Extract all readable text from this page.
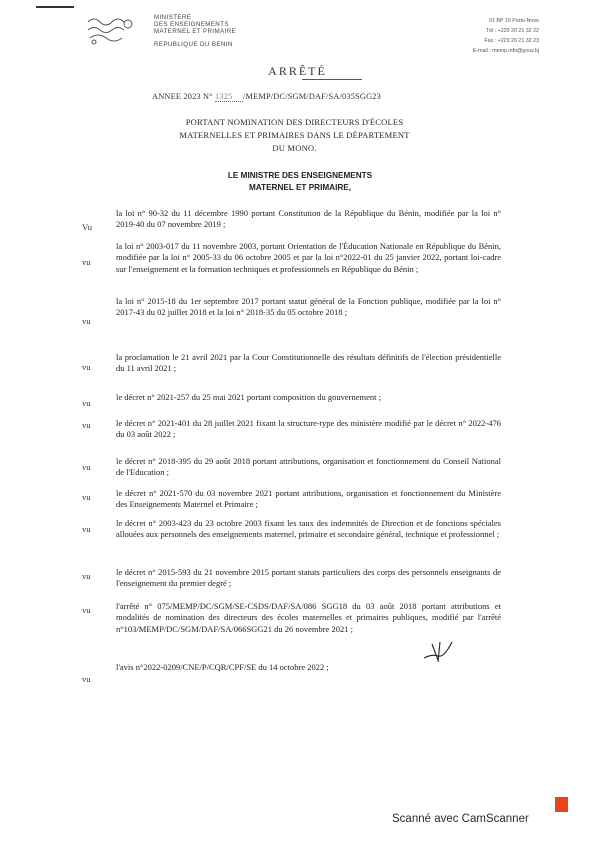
MINISTERE
DES ENSEIGNEMENTS
MATERNEL ET PRIMAIRE
REPUBLIQUE DU BENIN
01 BP 10 Porto-Novo
Tél : +229 20 21 32 22
Fax : +229 20 21 32 23
E-mail : memp.info@gouv.bj
ARRÊTÉ
ANNEE 2023 N° 1325 /MEMP/DC/SGM/DAF/SA/035SGG23
PORTANT NOMINATION DES DIRECTEURS D'ÉCOLES
MATERNELLES ET PRIMAIRES DANS LE DÉPARTEMENT
DU MONO.
LE MINISTRE DES ENSEIGNEMENTS
MATERNEL ET PRIMAIRE,
Vu
la loi n° 90-32 du 11 décembre 1990 portant Constitution de la République du Bénin, modifiée par la loi n° 2019-40 du 07 novembre 2019 ;
vu
la loi n° 2003-017 du 11 novembre 2003, portant Orientation de l'Éducation Nationale en République du Bénin, modifiée par la loi n° 2005-33 du 06 octobre 2005 et par la loi n°2022-01 du 25 janvier 2022, portant loi-cadre sur l'enseignement et la formation techniques et professionnels en République du Bénin ;
vu
la loi n° 2015-18 du 1er septembre 2017 portant statut général de la Fonction publique, modifiée par la loi n° 2017-43 du 02 juillet 2018 et la loi n° 2018-35 du 05 octobre 2018 ;
vu
la proclamation le 21 avril 2021 par la Cour Constitutionnelle des résultats définitifs de l'élection présidentielle du 11 avril 2021 ;
vu
le décret n° 2021-257 du 25 mai 2021 portant composition du gouvernement ;
vu	le décret n° 2021-401 du 28 juillet 2021 fixant la structure-type des ministère modifié par le décret n° 2022-476 du 03 août 2022 ;
vu
le décret n° 2018-395 du 29 août 2018 portant attributions, organisation et fonctionnement du Conseil National de l'Education ;
vu	le décret n° 2021-570 du 03 novembre 2021 portant attributions, organisation et fonctionnement du Ministère des Enseignements Maternel et Primaire ;
vu
le décret n° 2003-423 du 23 octobre 2003 fixant les taux des indemnités de Direction et de fonctions spéciales allouées aux personnels des enseignements maternel, primaire et secondaire général, technique et professionnel ;
vu	le décret n° 2015-593 du 21 novembre 2015 portant statuts particuliers des corps des personnels enseignants de l'enseignement du premier degré ;
vu	l'arrêté n° 075/MEMP/DC/SGM/SE-CSDS/DAF/SA/086 SGG18 du 03 août 2018 portant attributions et modalités de nomination des directeurs des écoles maternelles et primaires publiques, modifié par l'arrêté n°103/MEMP/DC/SGM/DAF/SA/066SGG21 du 26 novembre 2021 ;
vu
l'avis n°2022-0209/CNE/P/CQR/CPF/SE du 14 octobre 2022 ;
Scanné avec CamScanner
